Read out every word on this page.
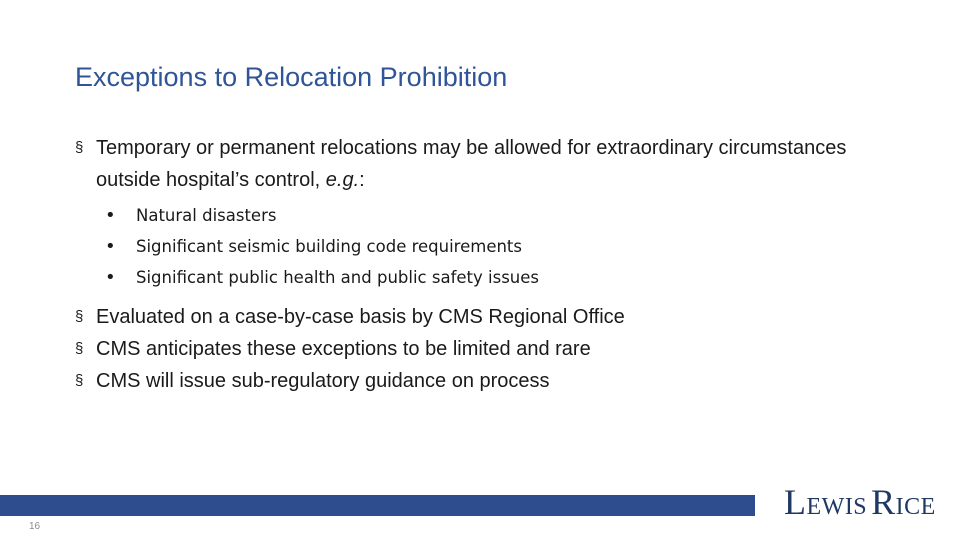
Exceptions to Relocation Prohibition
§ Temporary or permanent relocations may be allowed for extraordinary circumstances outside hospital’s control, e.g.:
• Natural disasters
• Significant seismic building code requirements
• Significant public health and public safety issues
§ Evaluated on a case-by-case basis by CMS Regional Office
§ CMS anticipates these exceptions to be limited and rare
§ CMS will issue sub-regulatory guidance on process
16
L EWIS R ICE
